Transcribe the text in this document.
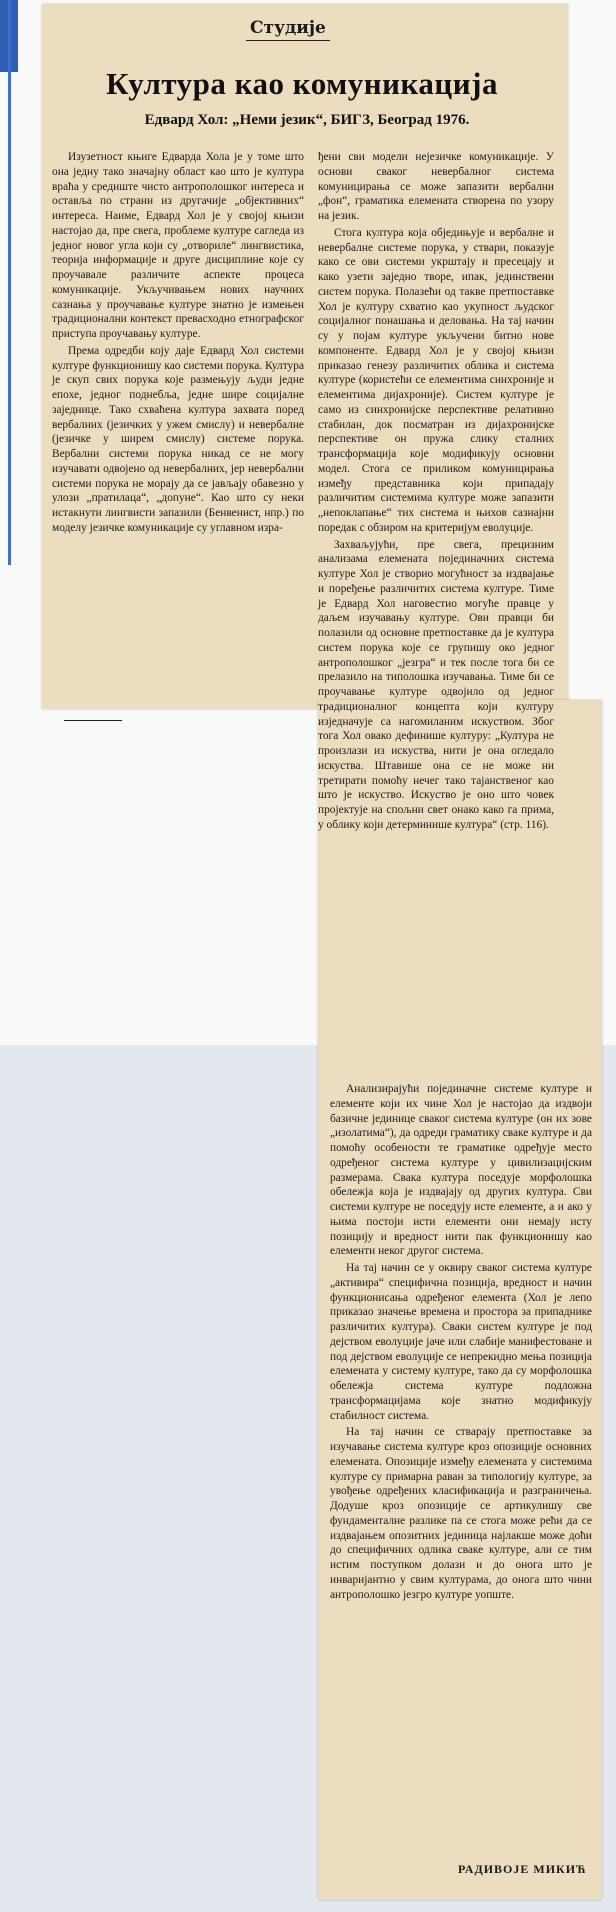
Студије
Култура као комуникација
Едвард Хол: „Неми језик“, БИГЗ, Београд 1976.

Изузетност књиге Едварда Хола је у томе што она једну тако значајну област као што је култура враћа у средиште чисто антрополошког интереса и оставља по страни из другачије „објективних“ интереса. Наиме, Едвард Хол је у својој књизи настојао да, пре свега, проблеме културе сагледа из једног новог угла који су „отвориле“ лингвистика, теорија информације и друге дисциплине које су проучавале различите аспекте процеса комуникације. Укључивањем нових научних сазнања у проучавање културе знатно је измењен традиционални контекст превасходно етнографског приступа проучавању културе.

Према одредби коју даје Едвард Хол системи културе функционишу као системи порука. Култура је скуп свих порука које размењују људи једне епохе, једног поднебља, једне шире социјалне заједнице. Тако схваћена култура захвата поред вербалних (језичких у ужем смислу) и невербалне (језичке у ширем смислу) системе порука. Вербални системи порука никад се не могу изучавати одвојено од невербалних, јер невербални системи порука не морају да се јављају обавезно у улози „пратилаца“, „допуне“. Као што су неки истакнути лингвисти запазили (Бенвенист, нпр.) по моделу језичке комуникације су углавном изра-

ђени сви модели нејезичке комуникације. У основи сваког невербалног система комуницирања се може запазити вербални „фон“, граматика елемената створена по узору на језик.

Стога култура која обједињује и вербалне и невербалне системе порука, у ствари, показује како се ови системи укрштају и пресецају и како узети заједно творе, ипак, јединствени систем порука. Полазећи од такве претпоставке Хол је културу схватио као укупност људског социјалног понашања и деловања. На тај начин су у појам културе укључени битно нове компоненте. Едвард Хол је у својој књизи приказао генезу различитих облика и система културе (користећи се елементима синхроније и елементима дијахроније). Систем културе је само из синхронијске перспективе релативно стабилан, док посматран из дијахронијске перспективе он пружа слику сталних трансформација које модификују основни модел. Стога се приликом комуницирања између представника који припадају различитим системима културе може запазити „непоклапање“ тих система и њихов сазнајни поредак с обзиром на критеријум еволуције.

Захваљујући, пре свега, прецизним анализама елемената појединачних система културе Хол је створио могућност за издвајање и поређење различитих система културе. Тиме је Едвард Хол наговестио могуће правце у даљем изучавању културе. Ови правци би полазили од основне претпоставке да је култура систем порука које се групишу око једног антрополошког „језгра“ и тек после тога би се прелазило на типолошка изучавања. Тиме би се проучавање културе одвојило од једног традиционалног концепта који културу изједначује са нагомиланим искуством. Због тога Хол овако дефинише културу: „Култура не произлази из искуства, нити је она огледало искуства. Штавише она се не може ни третирати помоћу нечег тако тајанственог као што је искуство. Искуство је оно што човек пројектује на спољни свет онако како га прима, у облику који детерминише култура“ (стр. 116).

Анализирајући појединачне системе културе и елементе који их чине Хол је настојао да издвоји базичне јединице сваког система културе (он их зове „изолатима“), да одреди граматику сваке културе и да помоћу особености те граматике одређује место одређеног система културе у цивилизацијским размерама. Свака култура поседује морфолошка обележја која је издвајају од других култура. Сви системи културе не поседују исте елементе, а и ако у њима постоји исти елементи они немају исту позицију и вредност нити пак функционишу као елементи неког другог система.

На тај начин се у оквиру сваког система културе „активира“ специфична позиција, вредност и начин функционисања одређеног елемента (Хол је лепо приказао значење времена и простора за припаднике различитих култура). Сваки систем културе је под дејством еволуције јаче или слабије манифестоване и под дејством еволуције се непрекидно мења позиција елемената у систему културе, тако да су морфолошка обележја система културе подложна трансформацијама које знатно модификују стабилност система.

На тај начин се стварају претпоставке за изучавање система културе кроз опозиције основних елемената. Опозиције између елемената у системима културе су примарна раван за типологију културе, за увођење одређених класификација и разграничења. Додуше кроз опозиције се артикулишу све фундаменталне разлике па се стога може рећи да се издвајањем опозитних јединица најлакше може доћи до специфичних одлика сваке културе, али се тим истим поступком долази и до онога што је инваријантно у свим културама, до онога што чини антрополошко језгро културе уопште.

РАДИВОЈЕ МИКИЋ
